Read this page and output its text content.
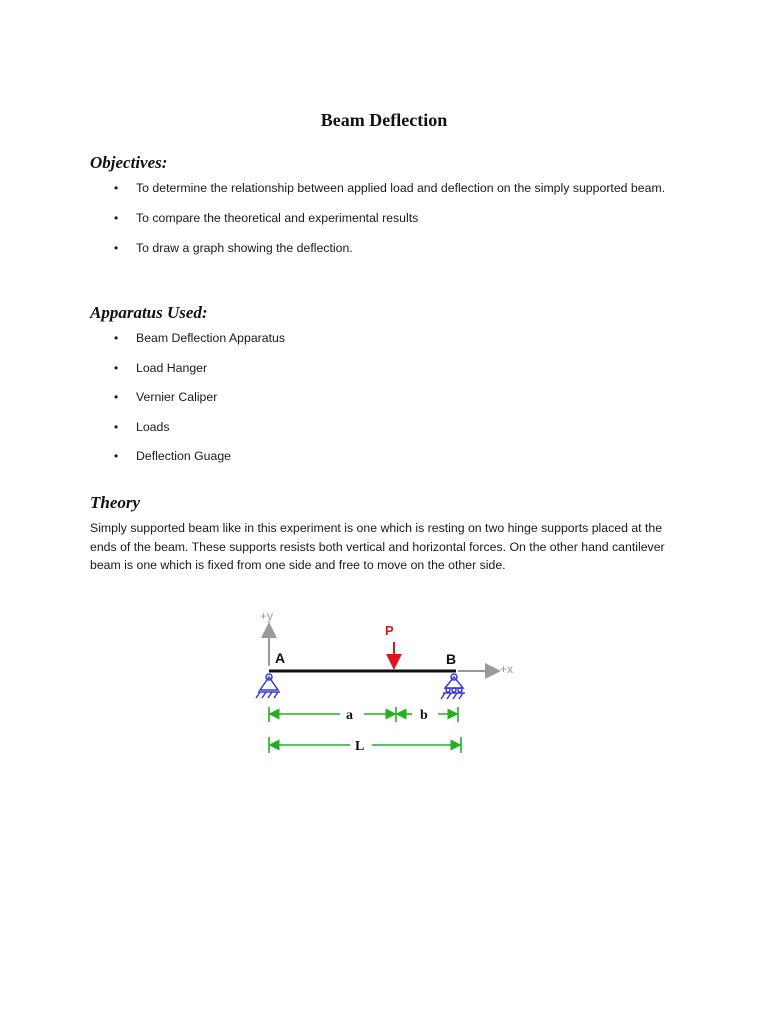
Beam Deflection
Objectives:
• To determine the relationship between applied load and deflection on the simply supported beam.
• To compare the theoretical and experimental results
• To draw a graph showing the deflection.
Apparatus Used:
• Beam Deflection Apparatus
• Load Hanger
• Vernier Caliper
• Loads
• Deflection Guage
Theory

Simply supported beam like in this experiment is one which is resting on two hinge supports placed at the ends of the beam. These supports resists both vertical and horizontal forces. On the other hand cantilever beam is one which is fixed from one side and free to move on the other side.

+y
+x
A	B
P
a	b
L
